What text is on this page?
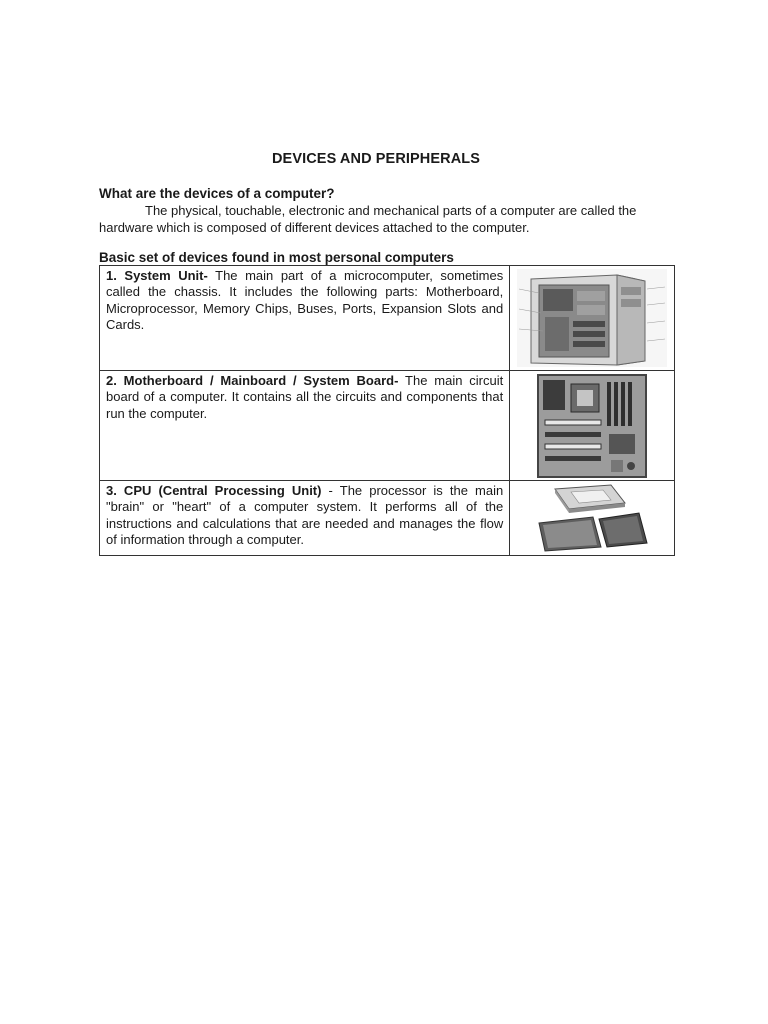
DEVICES AND PERIPHERALS
What are the devices of a computer?
The physical, touchable, electronic and mechanical parts of a computer are called the hardware which is composed of different devices attached to the computer.
Basic set of devices found in most personal computers
1. System Unit- The main part of a microcomputer, sometimes called the chassis. It includes the following parts: Motherboard, Microprocessor, Memory Chips, Buses, Ports, Expansion Slots and Cards.	

2. Motherboard / Mainboard / System Board- The main circuit board of a computer. It contains all the circuits and components that run the computer.	

3. CPU (Central Processing Unit) - The processor is the main "brain" or "heart" of a computer system. It performs all of the instructions and calculations that are needed and manages the flow of information through a computer.	
